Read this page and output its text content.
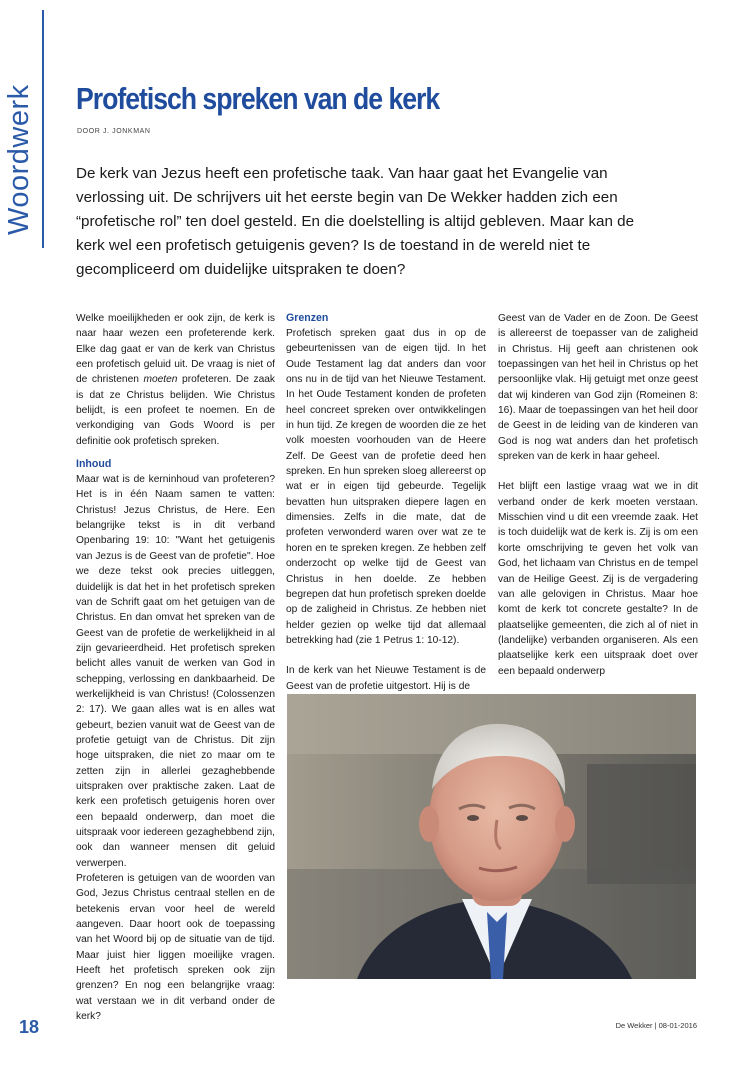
Woordwerk Profetisch spreken van de kerk
DOOR J. JONKMAN

De kerk van Jezus heeft een profetische taak. Van haar gaat het Evangelie van verlossing uit. De schrijvers uit het eerste begin van De Wekker hadden zich een “profetische rol” ten doel gesteld. En die doelstelling is altijd gebleven. Maar kan de kerk wel een profetisch getuigenis geven? Is de toestand in de wereld niet te gecompliceerd om duidelijke uitspraken te doen?

Welke moeilijkheden er ook zijn, de kerk is naar haar wezen een profeterende kerk. Elke dag gaat er van de kerk van Christus een profetisch geluid uit. De vraag is niet of de christenen moeten profeteren. De zaak is dat ze Christus belijden. Wie Christus belijdt, is een profeet te noemen. En de verkondiging van Gods Woord is per definitie ook profetisch spreken.

Inhoud

Maar wat is de kerninhoud van profeteren? Het is in één Naam samen te vatten: Christus! Jezus Christus, de Here. Een belangrijke tekst is in dit verband Openbaring 19: 10: "Want het getuigenis van Jezus is de Geest van de profetie". Hoe we deze tekst ook precies uitleggen, duidelijk is dat het in het profetisch spreken van de Schrift gaat om het getuigen van de Christus. En dan omvat het spreken van de Geest van de profetie de werkelijkheid in al zijn gevarieerdheid. Het profetisch spreken belicht alles vanuit de werken van God in schepping, verlossing en dankbaarheid. De werkelijkheid is van Christus! (Colossenzen 2: 17). We gaan alles wat is en alles wat gebeurt, bezien vanuit wat de Geest van de profetie getuigt van de Christus. Dit zijn hoge uitspraken, die niet zo maar om te zetten zijn in allerlei gezaghebbende uitspraken over praktische zaken. Laat de kerk een profetisch getuigenis horen over een bepaald onderwerp, dan moet die uitspraak voor iedereen gezaghebbend zijn, ook dan wanneer mensen dit geluid verwerpen.

Profeteren is getuigen van de woorden van God, Jezus Christus centraal stellen en de betekenis ervan voor heel de wereld aangeven. Daar hoort ook de toepassing van het Woord bij op de situatie van de tijd. Maar juist hier liggen moeilijke vragen. Heeft het profetisch spreken ook zijn grenzen? En nog een belangrijke vraag: wat verstaan we in dit verband onder de kerk?

Grenzen

Profetisch spreken gaat dus in op de gebeurtenissen van de eigen tijd. In het Oude Testament lag dat anders dan voor ons nu in de tijd van het Nieuwe Testament. In het Oude Testament konden de profeten heel concreet spreken over ontwikkelingen in hun tijd. Ze kregen de woorden die ze het volk moesten voorhouden van de Heere Zelf. De Geest van de profetie deed hen spreken. En hun spreken sloeg allereerst op wat er in eigen tijd gebeurde. Tegelijk bevatten hun uitspraken diepere lagen en dimensies. Zelfs in die mate, dat de profeten verwonderd waren over wat ze te horen en te spreken kregen. Ze hebben zelf onderzocht op welke tijd de Geest van Christus in hen doelde. Ze hebben begrepen dat hun profetisch spreken doelde op de zaligheid in Christus. Ze hebben niet helder gezien op welke tijd dat allemaal betrekking had (zie 1 Petrus 1: 10-12).

In de kerk van het Nieuwe Testament is de Geest van de profetie uitgestort. Hij is de

Geest van de Vader en de Zoon. De Geest is allereerst de toepasser van de zaligheid in Christus. Hij geeft aan christenen ook toepassingen van het heil in Christus op het persoonlijke vlak. Hij getuigt met onze geest dat wij kinderen van God zijn (Romeinen 8: 16). Maar de toepassingen van het heil door de Geest in de leiding van de kinderen van God is nog wat anders dan het profetisch spreken van de kerk in haar geheel.

Het blijft een lastige vraag wat we in dit verband onder de kerk moeten verstaan. Misschien vind u dit een vreemde zaak. Het is toch duidelijk wat de kerk is. Zij is om een korte omschrijving te geven het volk van God, het lichaam van Christus en de tempel van de Heilige Geest. Zij is de vergadering van alle gelovigen in Christus. Maar hoe komt de kerk tot concrete gestalte? In de plaatselijke gemeenten, die zich al of niet in (landelijke) verbanden organiseren. Als een plaatselijke kerk een uitspraak doet over een bepaald onderwerp

18	De Wekker | 08-01-2016
